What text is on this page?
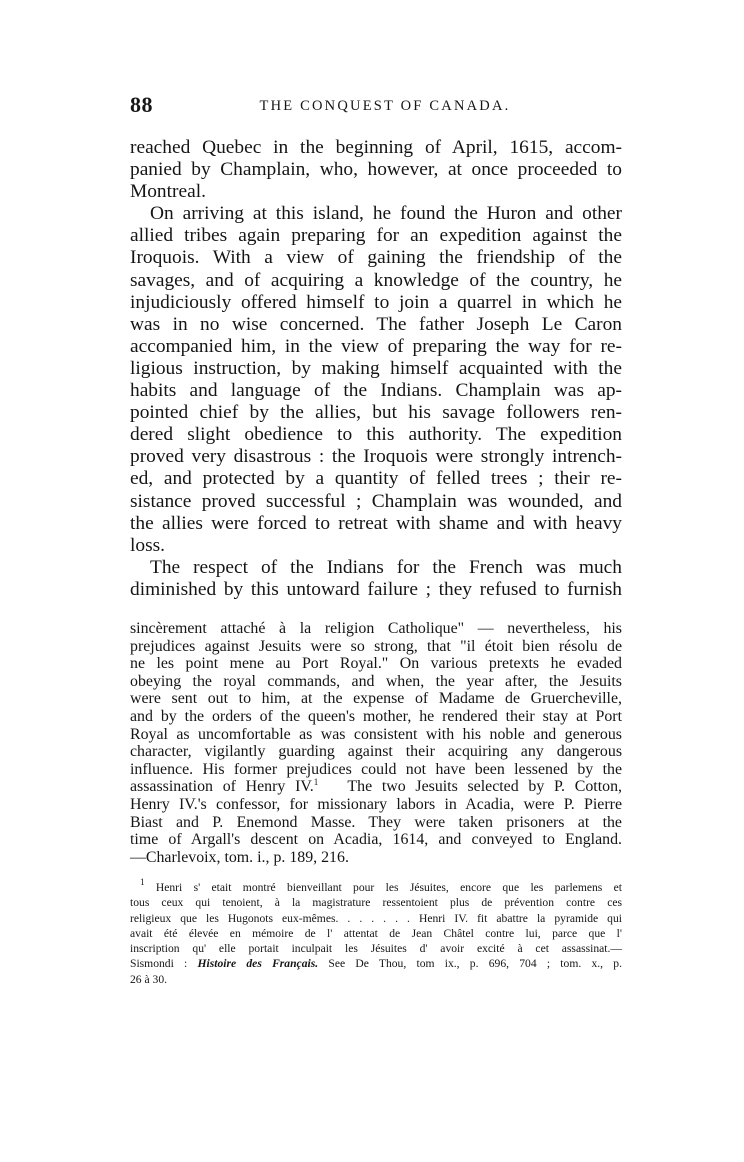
88	THE CONQUEST OF CANADA.
reached Quebec in the beginning of April, 1615, accom-
panied by Champlain, who, however, at once proceeded to
Montreal.
On arriving at this island, he found the Huron and other
allied tribes again preparing for an expedition against the
Iroquois. With a view of gaining the friendship of the
savages, and of acquiring a knowledge of the country, he
injudiciously offered himself to join a quarrel in which he
was in no wise concerned. The father Joseph Le Caron
accompanied him, in the view of preparing the way for re-
ligious instruction, by making himself acquainted with the
habits and language of the Indians. Champlain was ap-
pointed chief by the allies, but his savage followers ren-
dered slight obedience to this authority. The expedition
proved very disastrous : the Iroquois were strongly intrench-
ed, and protected by a quantity of felled trees ; their re-
sistance proved successful ; Champlain was wounded, and
the allies were forced to retreat with shame and with heavy
loss.
The respect of the Indians for the French was much
diminished by this untoward failure ; they refused to furnish
sincèrement attaché à la religion Catholique" — nevertheless, his
prejudices against Jesuits were so strong, that "il étoit bien résolu de
ne les point mene au Port Royal." On various pretexts he evaded
obeying the royal commands, and when, the year after, the Jesuits
were sent out to him, at the expense of Madame de Gruercheville,
and by the orders of the queen's mother, he rendered their stay at Port
Royal as uncomfortable as was consistent with his noble and generous
character, vigilantly guarding against their acquiring any dangerous
influence. His former prejudices could not have been lessened by the
assassination of Henry IV.$^1$ The two Jesuits selected by P. Cotton,
Henry IV.'s confessor, for missionary labors in Acadia, were P. Pierre
Biast and P. Enemond Masse. They were taken prisoners at the
time of Argall's descent on Acadia, 1614, and conveyed to England.
—Charlevoix, tom. i., p. 189, 216.
$^1$ Henri s' etait montré bienveillant pour les Jésuites, encore que les parlemens et
tous ceux qui tenoient, à la magistrature ressentoient plus de prévention contre ces
religieux que les Hugonots eux-mêmes. . . . . . . Henri IV. fit abattre la pyramide qui
avait été élevée en mémoire de l' attentat de Jean Châtel contre lui, parce que l'
inscription qu' elle portait inculpait les Jésuites d' avoir excité à cet assassinat.—
Sismondi : Histoire des Français. See De Thou, tom ix., p. 696, 704 ; tom. x., p.
26 à 30.
